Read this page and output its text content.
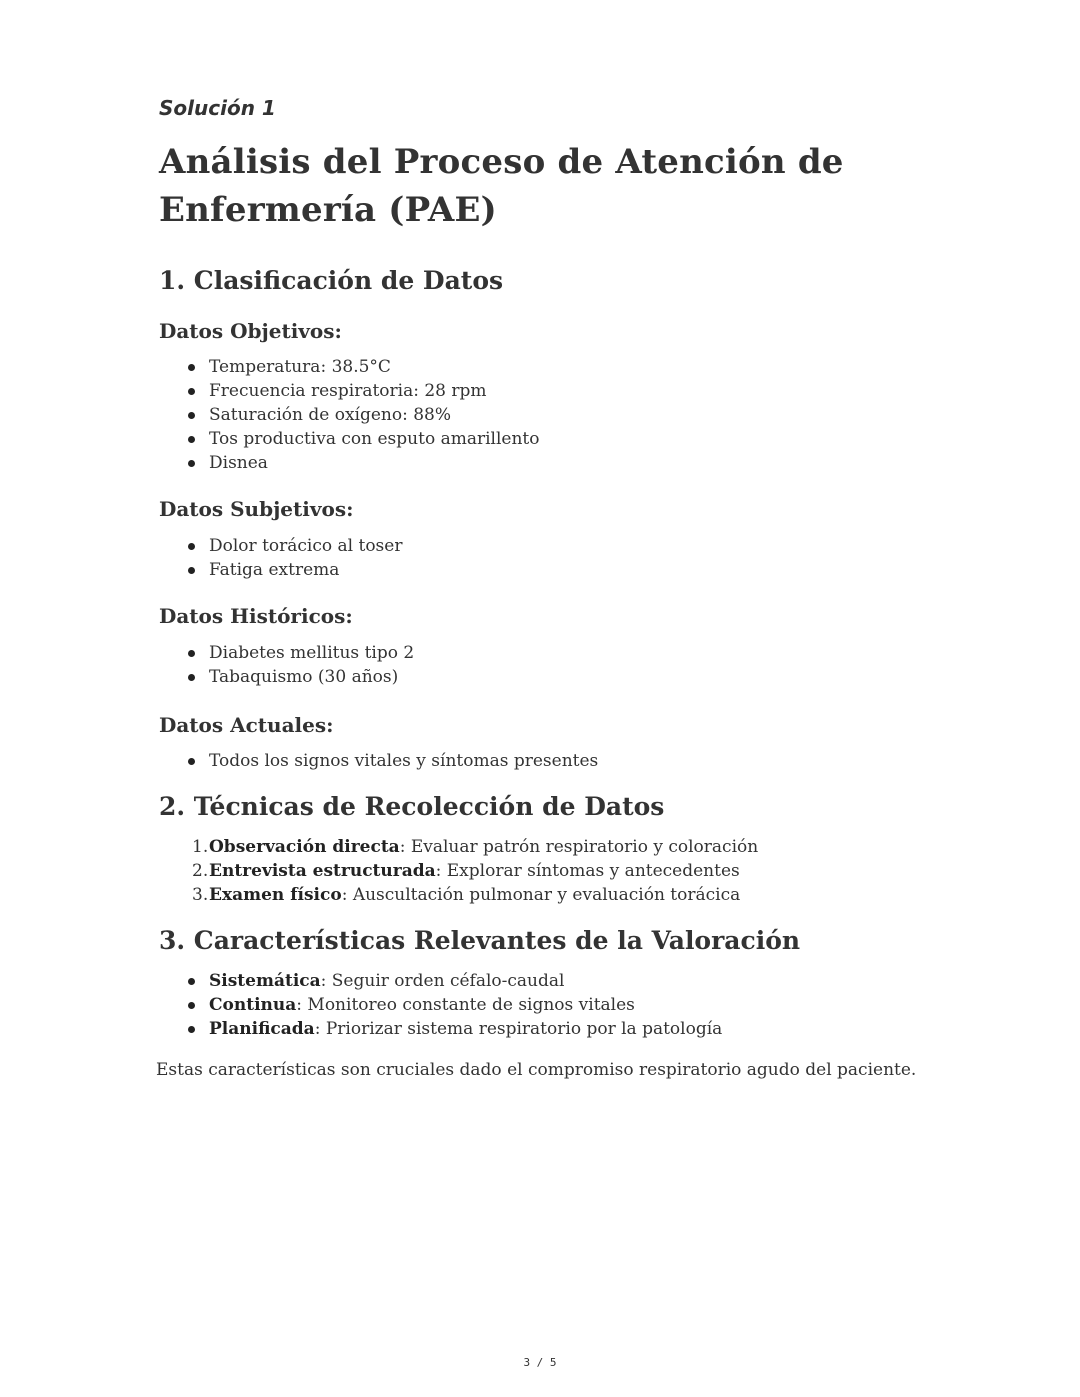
Solución 1

Análisis del Proceso de Atención de
Enfermería (PAE)
1. Clasificación de Datos
Datos Objetivos:
Temperatura: 38.5°C
Frecuencia respiratoria: 28 rpm
Saturación de oxígeno: 88%
Tos productiva con esputo amarillento
Disnea
Datos Subjetivos:
Dolor torácico al toser
Fatiga extrema
Datos Históricos:
Diabetes mellitus tipo 2
Tabaquismo (30 años)
Datos Actuales:
Todos los signos vitales y síntomas presentes
2. Técnicas de Recolección de Datos
1. Observación directa: Evaluar patrón respiratorio y coloración
2. Entrevista estructurada: Explorar síntomas y antecedentes
3. Examen físico: Auscultación pulmonar y evaluación torácica
3. Características Relevantes de la Valoración
Sistemática: Seguir orden céfalo-caudal
Continua: Monitoreo constante de signos vitales
Planificada: Priorizar sistema respiratorio por la patología

Estas características son cruciales dado el compromiso respiratorio agudo del paciente.

3 / 5
